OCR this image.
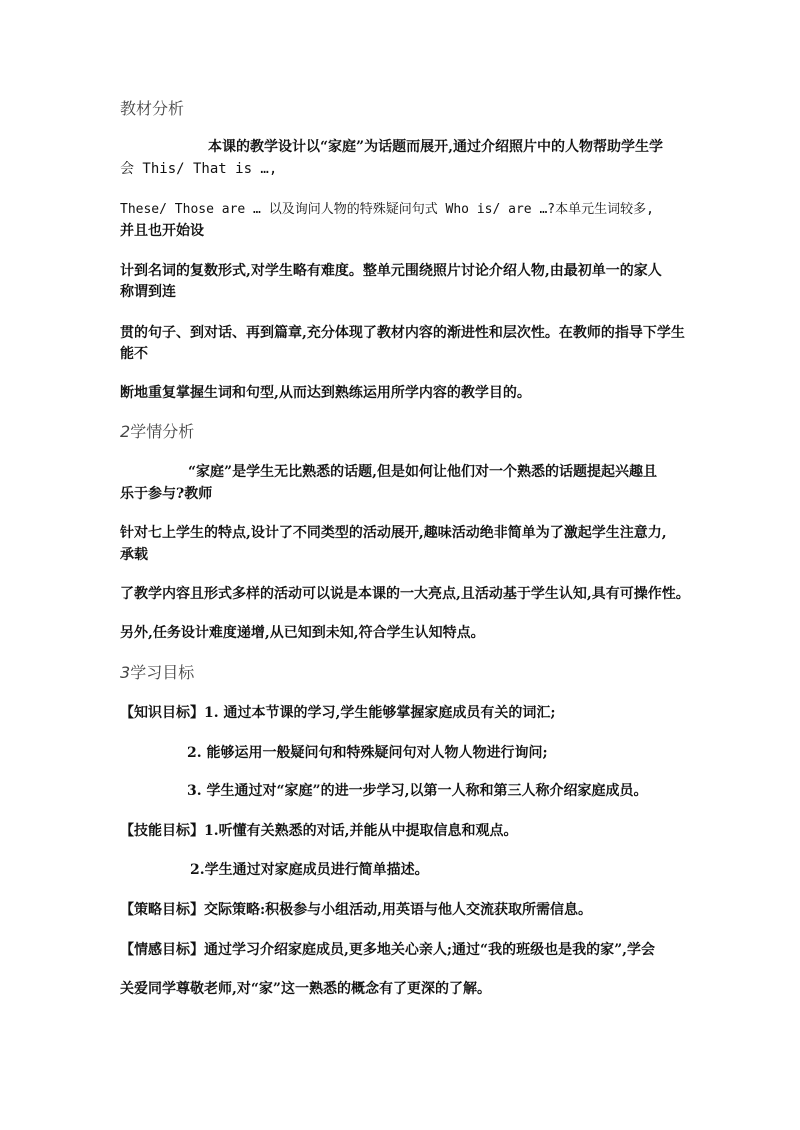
教材分析

本课的教学设计以“家庭”为话题而展开,通过介绍照片中的人物帮助学生学

会 This/ That is …,

These/ Those are … 以及询问人物的特殊疑问句式 Who is/ are …?本单元生词较多,

并且也开始设

计到名词的复数形式,对学生略有难度。整单元围绕照片讨论介绍人物,由最初单一的家人

称谓到连

贯的句子、到对话、再到篇章,充分体现了教材内容的渐进性和层次性。在教师的指导下学生

能不

断地重复掌握生词和句型,从而达到熟练运用所学内容的教学目的。

2学情分析

“家庭”是学生无比熟悉的话题,但是如何让他们对一个熟悉的话题提起兴趣且

乐于参与?教师

针对七上学生的特点,设计了不同类型的活动展开,趣味活动绝非简单为了激起学生注意力,

承载

了教学内容且形式多样的活动可以说是本课的一大亮点,且活动基于学生认知,具有可操作性。

另外,任务设计难度递增,从已知到未知,符合学生认知特点。

3学习目标

【知识目标】1. 通过本节课的学习,学生能够掌握家庭成员有关的词汇;

2. 能够运用一般疑问句和特殊疑问句对人物人物进行询问;

3. 学生通过对“家庭”的进一步学习,以第一人称和第三人称介绍家庭成员。

【技能目标】1.听懂有关熟悉的对话,并能从中提取信息和观点。

2.学生通过对家庭成员进行简单描述。

【策略目标】交际策略:积极参与小组活动,用英语与他人交流获取所需信息。

【情感目标】通过学习介绍家庭成员,更多地关心亲人;通过“我的班级也是我的家”,学会

关爱同学尊敬老师,对“家”这一熟悉的概念有了更深的了解。
